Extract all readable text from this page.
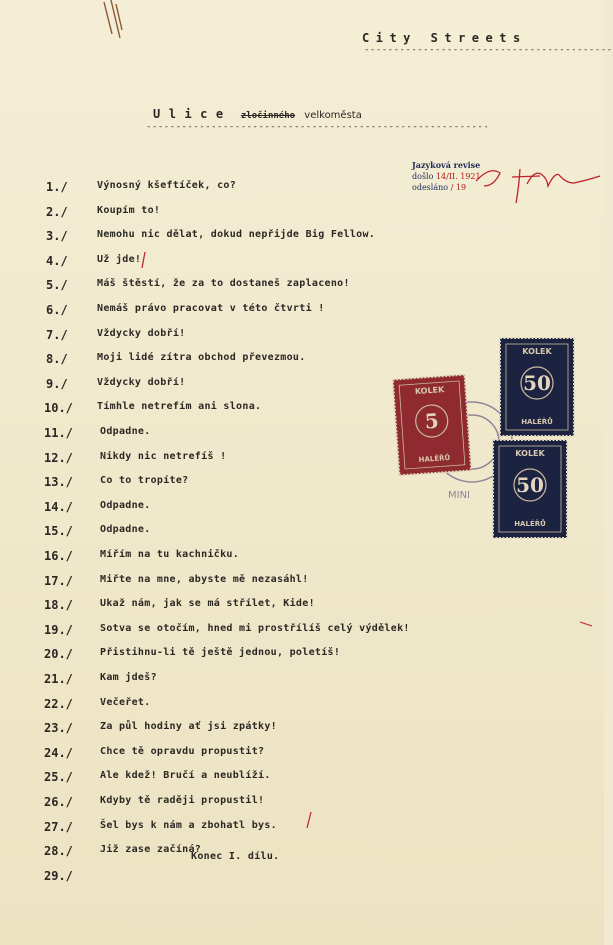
City Streets
------------------------------------------
Ulice zločinného velkoměsta
----------------------------------------------------------
Jazyková revise
došlo 14/II. 1921
odesláno / 19
1./	Výnosný kšeftíček, co?
2./	Koupím to!
3./	Nemohu nic dělat, dokud nepřijde Big Fellow.
4./	Už jde!
5./	Máš štěstí, že za to dostaneš zaplaceno!
6./	Nemáš právo pracovat v této čtvrti !
7./	Vždycky dobří!
8./	Moji lidé zítra obchod převezmou.
9./	Vždycky dobří!
10./ Tímhle netrefím ani slona.
11./	Odpadne.
12./	Nikdy nic netrefíš !
13./	Co to tropíte?
14./	Odpadne.
15./	Odpadne.
16./	Mířím na tu kachničku.
17./	Miřte na mne, abyste mě nezasáhl!
18./	Ukaž nám, jak se má střílet, Kide!
19./	Sotva se otočím, hned mi prostřílíš celý výdělek!
20./	Přistihnu-li tě ještě jednou, poletíš!
21./	Kam jdeš?
22./	Večeřet.
23./	Za půl hodiny ať jsi zpátky!
24./	Chce tě opravdu propustit?
25./	Ale kdež! Bručí a neublíží.
26./	Kdyby tě raději propustil!
27./	Šel bys k nám a zbohatl bys.
28./	Již zase začíná?
29./
Konec I. dílu.
MINI
KOLEK
5
HALÉŘŮ
KOLEK
50
HALÉŘŮ
KOLEK
50
HALÉŘŮ
